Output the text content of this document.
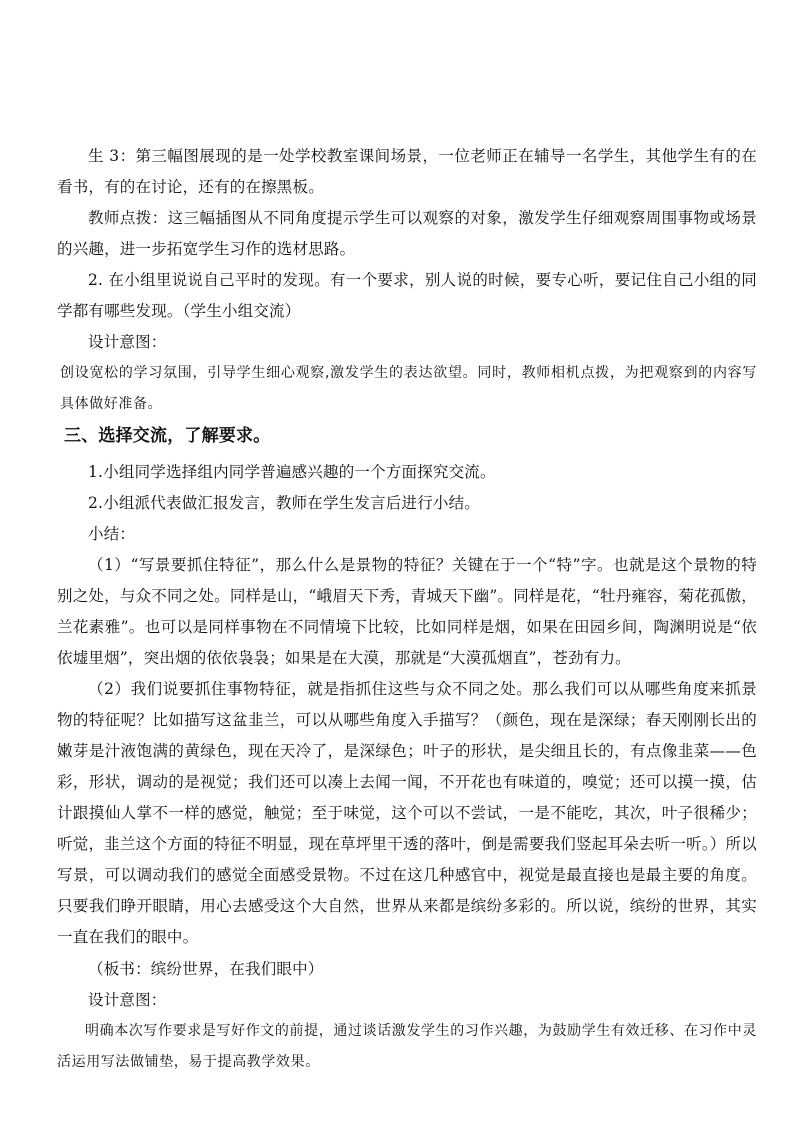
生 3：第三幅图展现的是一处学校教室课间场景，一位老师正在辅导一名学生，其他学生有的在看书，有的在讨论，还有的在擦黑板。

教师点拨：这三幅插图从不同角度提示学生可以观察的对象，激发学生仔细观察周围事物或场景的兴趣，进一步拓宽学生习作的选材思路。

2. 在小组里说说自己平时的发现。有一个要求，别人说的时候，要专心听，要记住自己小组的同学都有哪些发现。（学生小组交流）

设计意图：

创设宽松的学习氛围，引导学生细心观察,激发学生的表达欲望。同时，教师相机点拨，为把观察到的内容写具体做好准备。

三、选择交流，了解要求。

1.小组同学选择组内同学普遍感兴趣的一个方面探究交流。

2.小组派代表做汇报发言，教师在学生发言后进行小结。

小结：

（1）“写景要抓住特征”，那么什么是景物的特征？关键在于一个“特”字。也就是这个景物的特别之处，与众不同之处。同样是山，“峨眉天下秀，青城天下幽”。同样是花，“牡丹雍容，菊花孤傲，兰花素雅”。也可以是同样事物在不同情境下比较，比如同样是烟，如果在田园乡间，陶渊明说是“依依墟里烟”，突出烟的依依袅袅；如果是在大漠，那就是“大漠孤烟直”，苍劲有力。

（2）我们说要抓住事物特征，就是指抓住这些与众不同之处。那么我们可以从哪些角度来抓景物的特征呢？比如描写这盆韭兰，可以从哪些角度入手描写？（颜色，现在是深绿；春天刚刚长出的嫩芽是汁液饱满的黄绿色，现在天冷了，是深绿色；叶子的形状，是尖细且长的，有点像韭菜——色彩，形状，调动的是视觉；我们还可以凑上去闻一闻，不开花也有味道的，嗅觉；还可以摸一摸，估计跟摸仙人掌不一样的感觉，触觉；至于味觉，这个可以不尝试，一是不能吃，其次，叶子很稀少；听觉，韭兰这个方面的特征不明显，现在草坪里干透的落叶，倒是需要我们竖起耳朵去听一听。）所以写景，可以调动我们的感觉全面感受景物。不过在这几种感官中，视觉是最直接也是最主要的角度。只要我们睁开眼睛，用心去感受这个大自然，世界从来都是缤纷多彩的。所以说，缤纷的世界，其实一直在我们的眼中。

（板书：缤纷世界，在我们眼中）

设计意图：

明确本次写作要求是写好作文的前提，通过谈话激发学生的习作兴趣，为鼓励学生有效迁移、在习作中灵活运用写法做铺垫，易于提高教学效果。
